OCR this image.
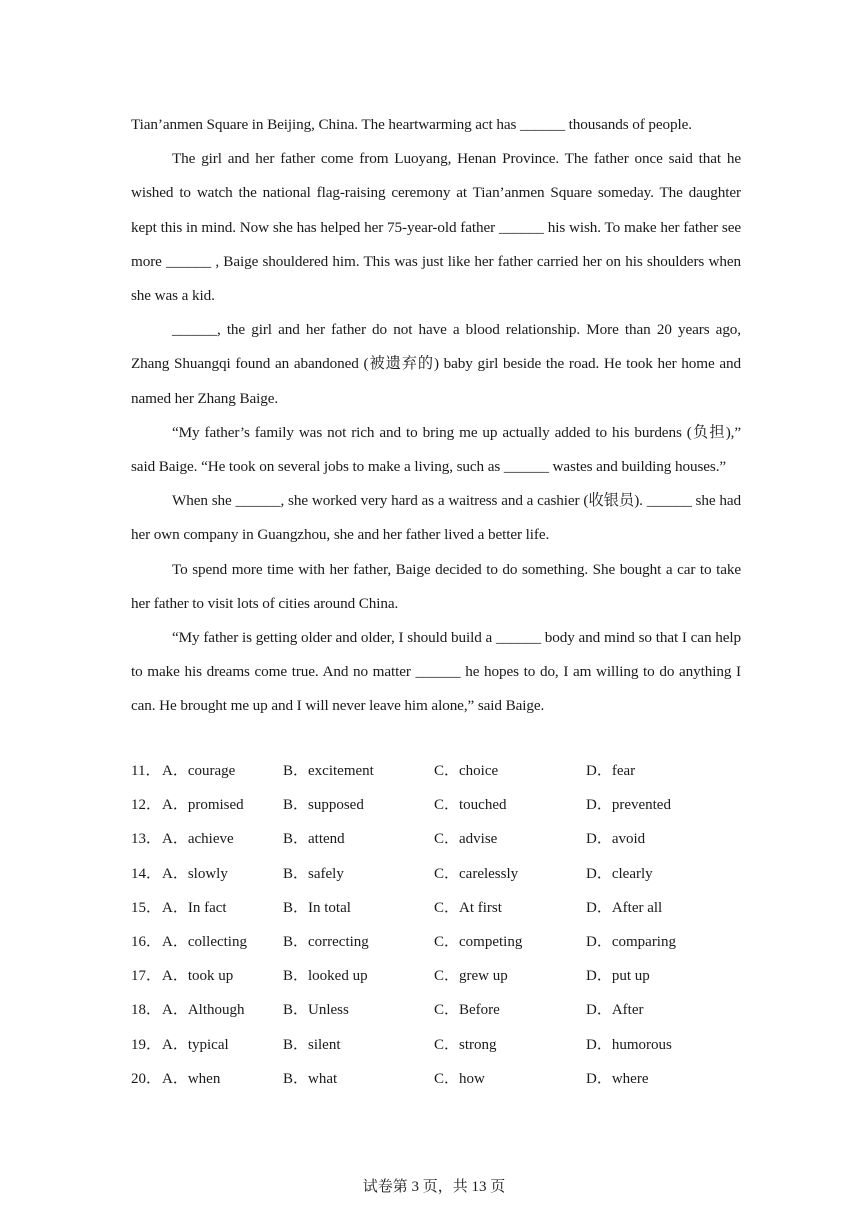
Tian’anmen Square in Beijing, China. The heartwarming act has ______ thousands of people.

The girl and her father come from Luoyang, Henan Province. The father once said that he wished to watch the national flag-raising ceremony at Tian’anmen Square someday. The daughter kept this in mind. Now she has helped her 75-year-old father ______ his wish. To make her father see more ______ , Baige shouldered him. This was just like her father carried her on his shoulders when she was a kid.

______, the girl and her father do not have a blood relationship. More than 20 years ago, Zhang Shuangqi found an abandoned (被遗弃的) baby girl beside the road. He took her home and named her Zhang Baige.

“My father’s family was not rich and to bring me up actually added to his burdens (负担),” said Baige. “He took on several jobs to make a living, such as ______ wastes and building houses.”

When she ______, she worked very hard as a waitress and a cashier (收银员). ______ she had her own company in Guangzhou, she and her father lived a better life.

To spend more time with her father, Baige decided to do something. She bought a car to take her father to visit lots of cities around China.

“My father is getting older and older, I should build a ______ body and mind so that I can help to make his dreams come true. And no matter ______ he hopes to do, I am willing to do anything I can. He brought me up and I will never leave him alone,” said Baige.

11． A．courage	B．excitement	C．choice	D．fear
12． A．promised	B．supposed	C．touched	D．prevented
13． A．achieve	B．attend	C．advise	D．avoid
14． A．slowly	B．safely	C．carelessly	D．clearly
15． A．In fact	B．In total	C．At first	D．After all
16． A．collecting B．correcting	C．competing	D．comparing
17． A．took up	B．looked up	C．grew up	D．put up
18． A．Although	B．Unless	C．Before	D．After
19． A．typical	B．silent	C．strong	D．humorous
20． A．when	B．what	C．how	D．where
试卷第 3 页，共 13 页
